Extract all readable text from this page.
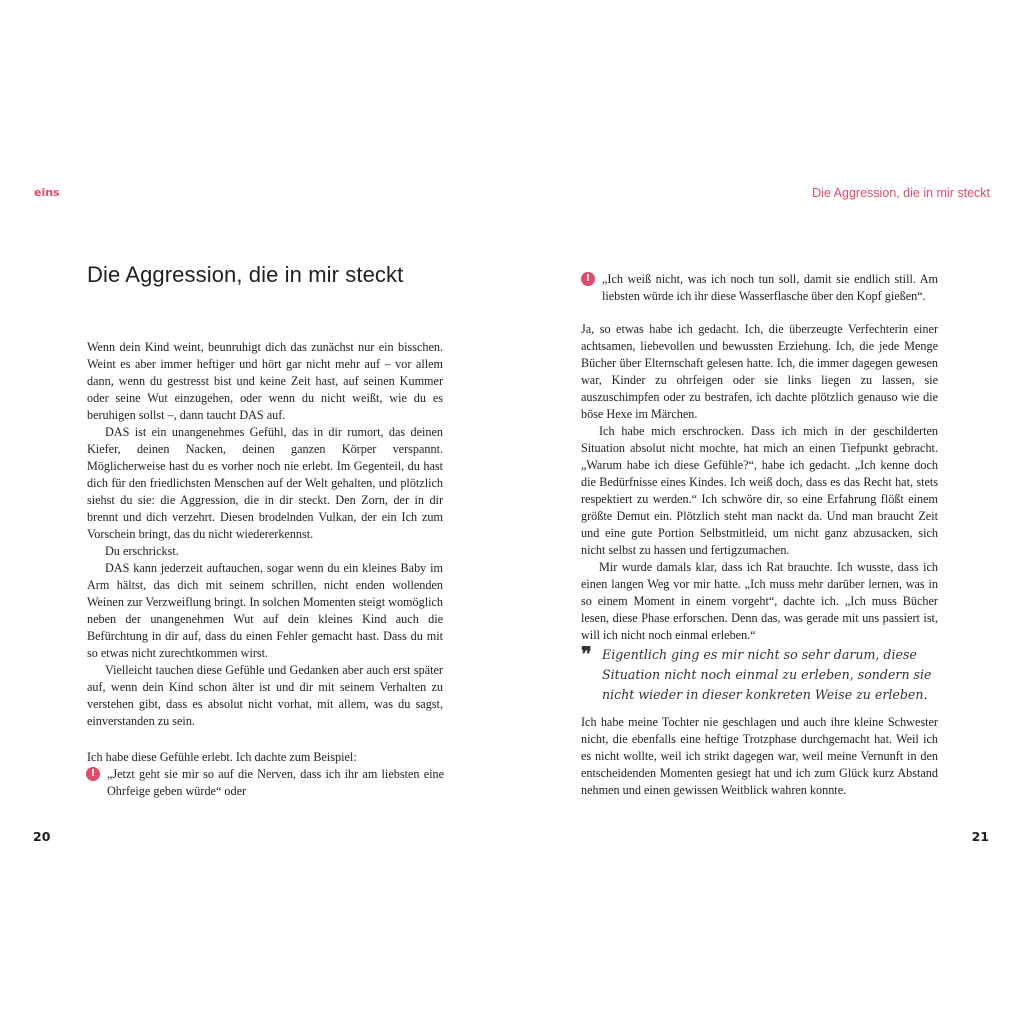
eins	Die Aggression, die in mir steckt
Die Aggression, die in mir steckt

Wenn dein Kind weint, beunruhigt dich das zunächst nur ein bisschen. Weint es aber immer heftiger und hört gar nicht mehr auf – vor allem dann, wenn du gestresst bist und keine Zeit hast, auf seinen Kummer oder seine Wut einzugehen, oder wenn du nicht weißt, wie du es beruhigen sollst –, dann taucht DAS auf.

DAS ist ein unangenehmes Gefühl, das in dir rumort, das deinen Kiefer, deinen Nacken, deinen ganzen Körper verspannt. Möglicherweise hast du es vorher noch nie erlebt. Im Gegenteil, du hast dich für den friedlichsten Menschen auf der Welt gehalten, und plötzlich siehst du sie: die Aggression, die in dir steckt. Den Zorn, der in dir brennt und dich verzehrt. Diesen brodelnden Vulkan, der ein Ich zum Vorschein bringt, das du nicht wiedererkennst.

Du erschrickst.

DAS kann jederzeit auftauchen, sogar wenn du ein kleines Baby im Arm hältst, das dich mit seinem schrillen, nicht enden wollenden Weinen zur Verzweiflung bringt. In solchen Momenten steigt womöglich neben der unangenehmen Wut auf dein kleines Kind auch die Befürchtung in dir auf, dass du einen Fehler gemacht hast. Dass du mit so etwas nicht zurechtkommen wirst.

Vielleicht tauchen diese Gefühle und Gedanken aber auch erst später auf, wenn dein Kind schon älter ist und dir mit seinem Verhalten zu verstehen gibt, dass es absolut nicht vorhat, mit allem, was du sagst, einverstanden zu sein.

Ich habe diese Gefühle erlebt. Ich dachte zum Beispiel:
! „Jetzt geht sie mir so auf die Nerven, dass ich ihr am liebsten eine Ohrfeige geben würde“ oder
20
! „Ich weiß nicht, was ich noch tun soll, damit sie endlich still. Am liebsten würde ich ihr diese Wasserflasche über den Kopf gießen“.

Ja, so etwas habe ich gedacht. Ich, die überzeugte Verfechterin einer achtsamen, liebevollen und bewussten Erziehung. Ich, die jede Menge Bücher über Elternschaft gelesen hatte. Ich, die immer dagegen gewesen war, Kinder zu ohrfeigen oder sie links liegen zu lassen, sie auszuschimpfen oder zu bestrafen, ich dachte plötzlich genauso wie die böse Hexe im Märchen.

Ich habe mich erschrocken. Dass ich mich in der geschilderten Situation absolut nicht mochte, hat mich an einen Tiefpunkt gebracht. „Warum habe ich diese Gefühle?“, habe ich gedacht. „Ich kenne doch die Bedürfnisse eines Kindes. Ich weiß doch, dass es das Recht hat, stets respektiert zu werden.“ Ich schwöre dir, so eine Erfahrung flößt einem größte Demut ein. Plötzlich steht man nackt da. Und man braucht Zeit und eine gute Portion Selbstmitleid, um nicht ganz abzusacken, sich nicht selbst zu hassen und fertigzumachen.

Mir wurde damals klar, dass ich Rat brauchte. Ich wusste, dass ich einen langen Weg vor mir hatte. „Ich muss mehr darüber lernen, was in so einem Moment in einem vorgeht“, dachte ich. „Ich muss Bücher lesen, diese Phase erforschen. Denn das, was gerade mit uns passiert ist, will ich nicht noch einmal erleben.“

❞ Eigentlich ging es mir nicht so sehr darum, diese Situation nicht noch einmal zu erleben, sondern sie nicht wieder in dieser konkreten Weise zu erleben.

Ich habe meine Tochter nie geschlagen und auch ihre kleine Schwester nicht, die ebenfalls eine heftige Trotzphase durchgemacht hat. Weil ich es nicht wollte, weil ich strikt dagegen war, weil meine Vernunft in den entscheidenden Momenten gesiegt hat und ich zum Glück kurz Abstand nehmen und einen gewissen Weitblick wahren konnte.

21
